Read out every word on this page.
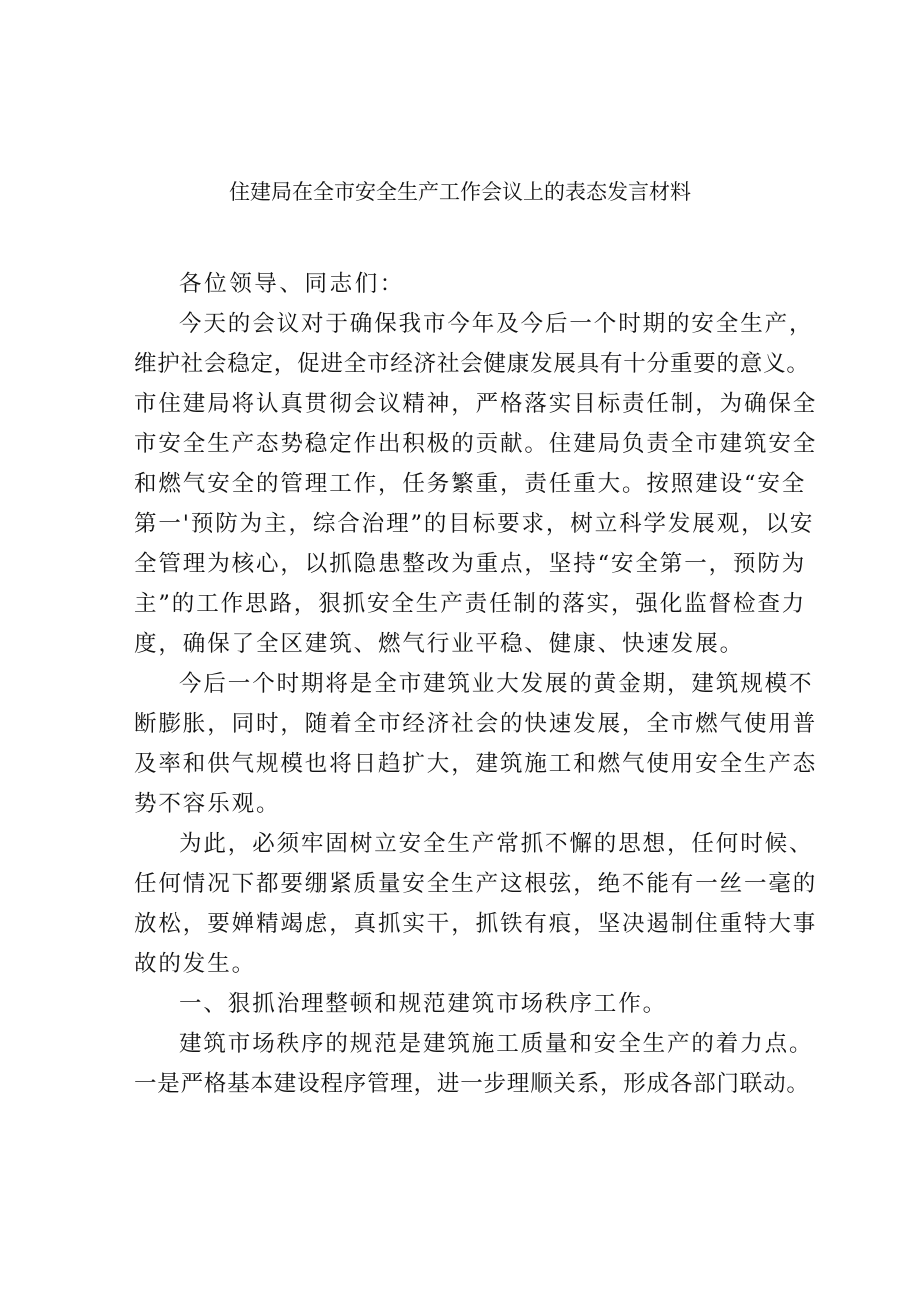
住建局在全市安全生产工作会议上的表态发言材料
各位领导、同志们：
今天的会议对于确保我市今年及今后一个时期的安全生产，
维护社会稳定，促进全市经济社会健康发展具有十分重要的意义。
市住建局将认真贯彻会议精神，严格落实目标责任制，为确保全
市安全生产态势稳定作出积极的贡献。住建局负责全市建筑安全
和燃气安全的管理工作，任务繁重，责任重大。按照建设“安全
第一'预防为主，综合治理”的目标要求，树立科学发展观，以安
全管理为核心，以抓隐患整改为重点，坚持“安全第一，预防为
主”的工作思路，狠抓安全生产责任制的落实，强化监督检查力
度，确保了全区建筑、燃气行业平稳、健康、快速发展。
今后一个时期将是全市建筑业大发展的黄金期，建筑规模不
断膨胀，同时，随着全市经济社会的快速发展，全市燃气使用普
及率和供气规模也将日趋扩大，建筑施工和燃气使用安全生产态
势不容乐观。
为此，必须牢固树立安全生产常抓不懈的思想，任何时候、
任何情况下都要绷紧质量安全生产这根弦，绝不能有一丝一毫的
放松，要婵精竭虑，真抓实干，抓铁有痕，坚决遏制住重特大事
故的发生。
一、狠抓治理整顿和规范建筑市场秩序工作。
建筑市场秩序的规范是建筑施工质量和安全生产的着力点。
一是严格基本建设程序管理，进一步理顺关系，形成各部门联动。
